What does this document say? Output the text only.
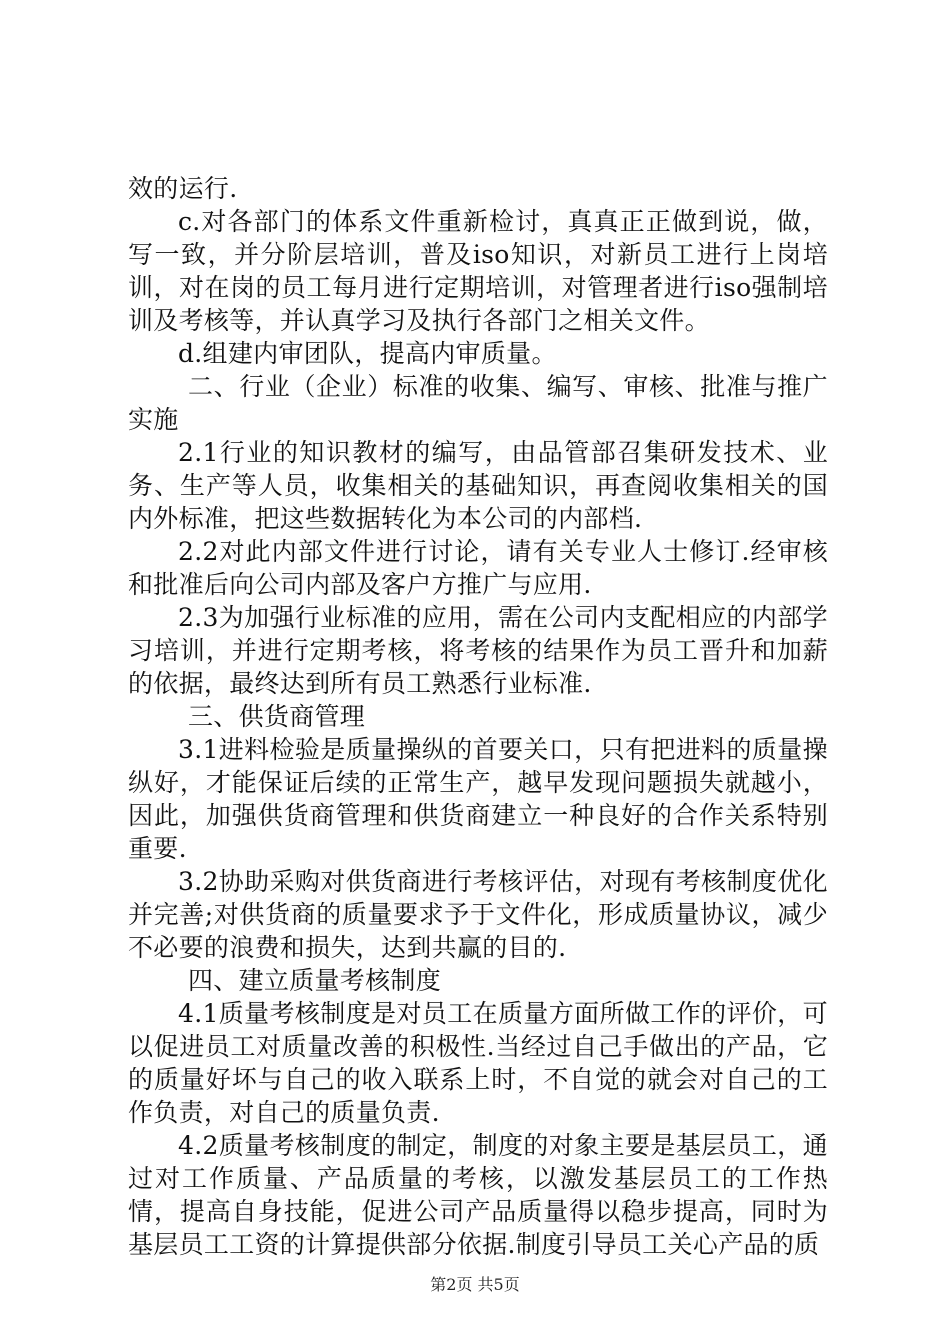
效的运行.

c.对各部门的体系文件重新检讨，真真正正做到说，做，写一致，并分阶层培训，普及iso知识，对新员工进行上岗培训，对在岗的员工每月进行定期培训，对管理者进行iso强制培训及考核等，并认真学习及执行各部门之相关文件。

d.组建内审团队，提高内审质量。

二、行业（企业）标准的收集、编写、审核、批准与推广实施

2.1行业的知识教材的编写，由品管部召集研发技术、业务、生产等人员，收集相关的基础知识，再查阅收集相关的国内外标准，把这些数据转化为本公司的内部档.

2.2对此内部文件进行讨论，请有关专业人士修订.经审核和批准后向公司内部及客户方推广与应用.

2.3为加强行业标准的应用，需在公司内支配相应的内部学习培训，并进行定期考核，将考核的结果作为员工晋升和加薪的依据，最终达到所有员工熟悉行业标准.

三、供货商管理

3.1进料检验是质量操纵的首要关口，只有把进料的质量操纵好，才能保证后续的正常生产，越早发现问题损失就越小，因此，加强供货商管理和供货商建立一种良好的合作关系特别重要.

3.2协助采购对供货商进行考核评估，对现有考核制度优化并完善;对供货商的质量要求予于文件化，形成质量协议，减少不必要的浪费和损失，达到共赢的目的.

四、建立质量考核制度

4.1质量考核制度是对员工在质量方面所做工作的评价，可以促进员工对质量改善的积极性.当经过自己手做出的产品，它的质量好坏与自己的收入联系上时，不自觉的就会对自己的工作负责，对自己的质量负责.

4.2质量考核制度的制定，制度的对象主要是基层员工，通过对工作质量、产品质量的考核，以激发基层员工的工作热情，提高自身技能，促进公司产品质量得以稳步提高，同时为基层员工工资的计算提供部分依据.制度引导员工关心产品的质

第2页 共5页
